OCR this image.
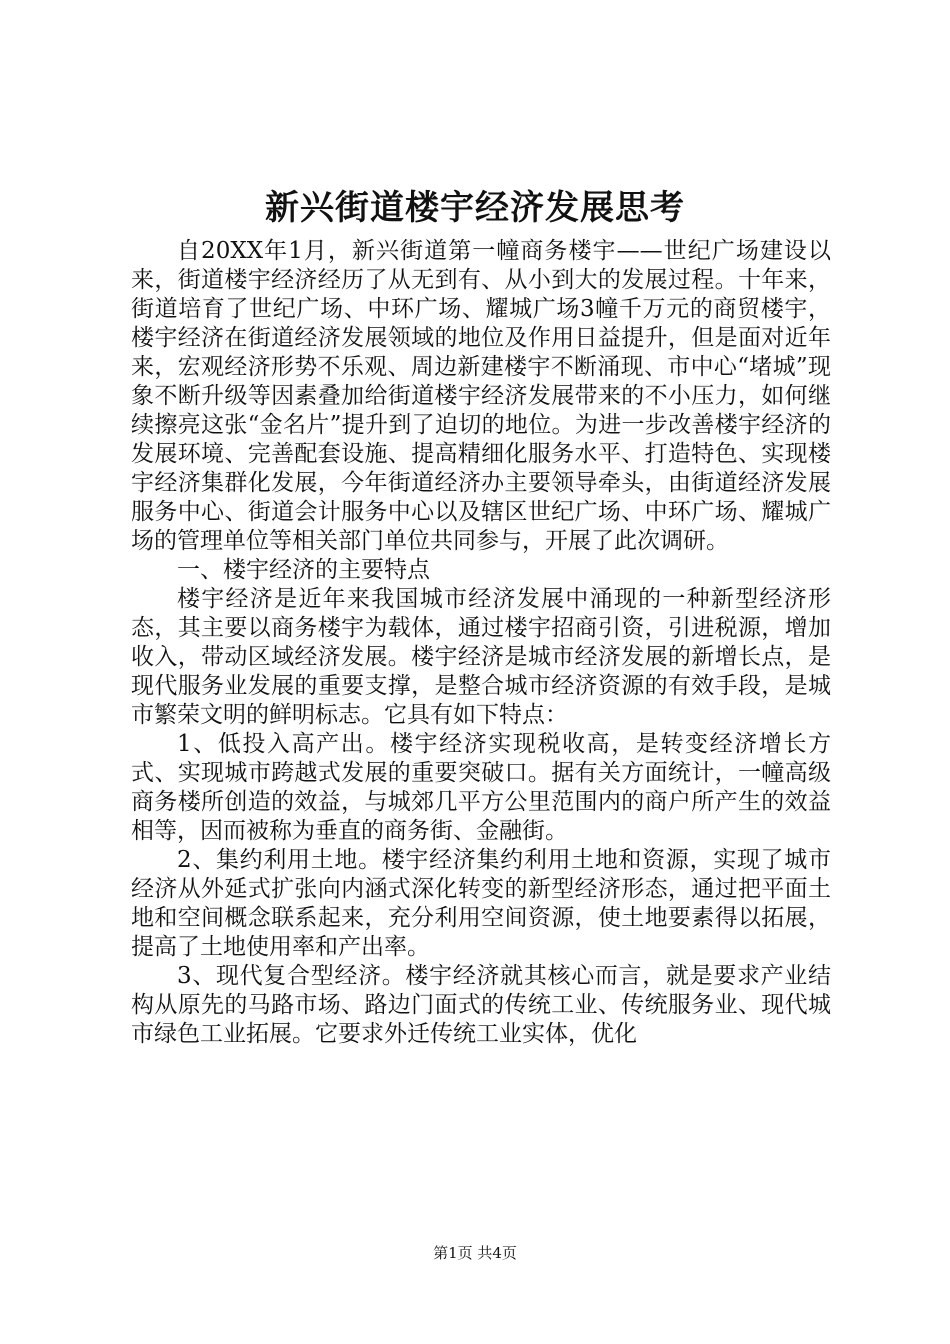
新兴街道楼宇经济发展思考

自20XX年1月，新兴街道第一幢商务楼宇——世纪广场建设以来，街道楼宇经济经历了从无到有、从小到大的发展过程。十年来，街道培育了世纪广场、中环广场、耀城广场3幢千万元的商贸楼宇，楼宇经济在街道经济发展领域的地位及作用日益提升，但是面对近年来，宏观经济形势不乐观、周边新建楼宇不断涌现、市中心“堵城”现象不断升级等因素叠加给街道楼宇经济发展带来的不小压力，如何继续擦亮这张“金名片”提升到了迫切的地位。为进一步改善楼宇经济的发展环境、完善配套设施、提高精细化服务水平、打造特色、实现楼宇经济集群化发展，今年街道经济办主要领导牵头，由街道经济发展服务中心、街道会计服务中心以及辖区世纪广场、中环广场、耀城广场的管理单位等相关部门单位共同参与，开展了此次调研。

一、楼宇经济的主要特点

楼宇经济是近年来我国城市经济发展中涌现的一种新型经济形态，其主要以商务楼宇为载体，通过楼宇招商引资，引进税源，增加收入，带动区域经济发展。楼宇经济是城市经济发展的新增长点，是现代服务业发展的重要支撑，是整合城市经济资源的有效手段，是城市繁荣文明的鲜明标志。它具有如下特点：

1、低投入高产出。楼宇经济实现税收高，是转变经济增长方式、实现城市跨越式发展的重要突破口。据有关方面统计，一幢高级商务楼所创造的效益，与城郊几平方公里范围内的商户所产生的效益相等，因而被称为垂直的商务街、金融街。

2、集约利用土地。楼宇经济集约利用土地和资源，实现了城市经济从外延式扩张向内涵式深化转变的新型经济形态，通过把平面土地和空间概念联系起来，充分利用空间资源，使土地要素得以拓展，提高了土地使用率和产出率。

3、现代复合型经济。楼宇经济就其核心而言，就是要求产业结构从原先的马路市场、路边门面式的传统工业、传统服务业、现代城市绿色工业拓展。它要求外迁传统工业实体，优化

第1页 共4页
